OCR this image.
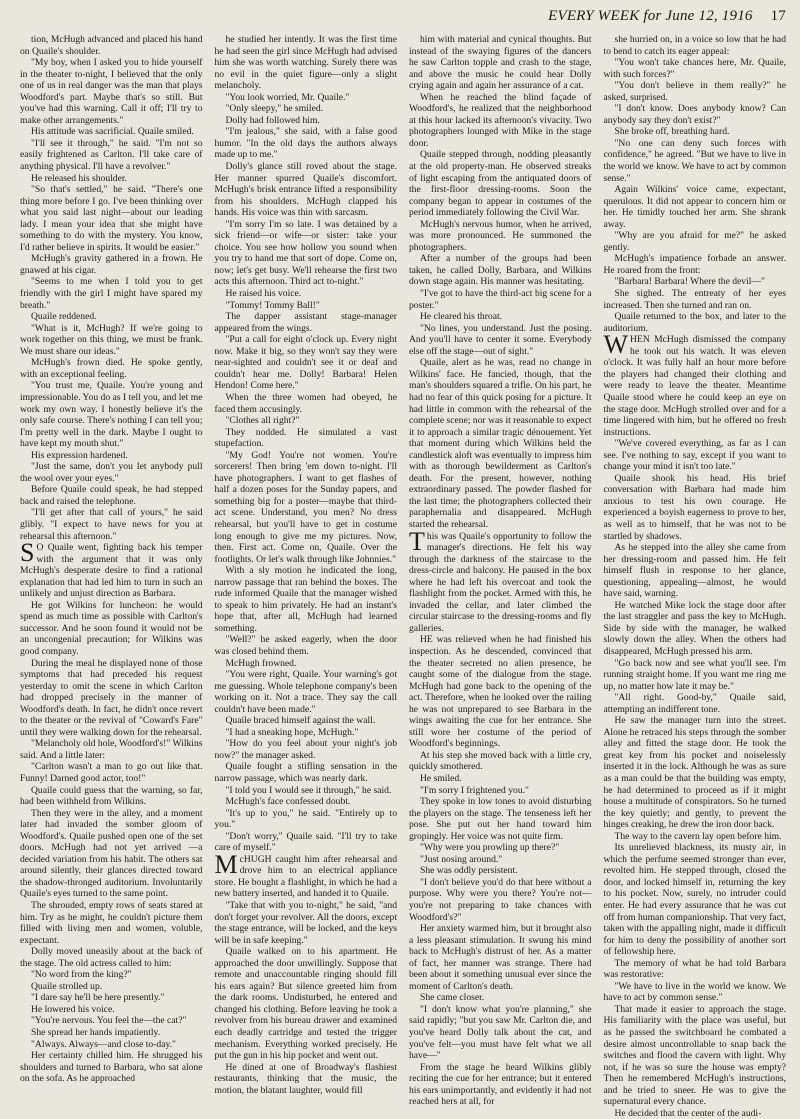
EVERY WEEK for June 12, 1916 17

tion, McHugh advanced and placed his hand on Quaile's shoulder.

"My boy, when I asked you to hide yourself in the theater to-night, I believed that the only one of us in real danger was the man that plays Woodford's part. Maybe that's so still. But you've had this warning. Call it off; I'll try to make other arrangements."

His attitude was sacrificial. Quaile smiled.

"I'll see it through," he said. "I'm not so easily frightened as Carlton. I'll take care of anything physical. I'll have a revolver."

He released his shoulder.

"So that's settled," he said. "There's one thing more before I go. I've been thinking over what you said last night—about our leading lady. I mean your idea that she might have something to do with the mystery. You know, I'd rather believe in spirits. It would be easier."

McHugh's gravity gathered in a frown. He gnawed at his cigar.

"Seems to me when I told you to get friendly with the girl I might have spared my breath."

Quaile reddened.

"What is it, McHugh? If we're going to work together on this thing, we must be frank. We must share our ideas."

McHugh's frown died. He spoke gently, with an exceptional feeling.

"You trust me, Quaile. You're young and impressionable. You do as I tell you, and let me work my own way. I honestly believe it's the only safe course. There's nothing I can tell you; I'm pretty well in the dark. Maybe I ought to have kept my mouth shut."

His expression hardened.

"Just the same, don't you let anybody pull the wool over your eyes."

Before Quaile could speak, he had stepped back and raised the telephone.

"I'll get after that call of yours," he said glibly. "I expect to have news for you at rehearsal this afternoon."

SO Quaile went, fighting back his temper with the argument that it was only McHugh's desperate desire to find a rational explanation that had led him to turn in such an unlikely and unjust direction as Barbara.

He got Wilkins for luncheon: he would spend as much time as possible with Carlton's successor. And he soon found it would not be an uncongenial precaution; for Wilkins was good company.

During the meal he displayed none of those symptoms that had preceded his request yesterday to omit the scene in which Carlton had dropped precisely in the manner of Woodford's death. In fact, he didn't once revert to the theater or the revival of "Coward's Fare" until they were walking down for the rehearsal.

"Melancholy old hole, Woodford's!" Wilkins said. And a little later:

"Carlton wasn't a man to go out like that. Funny! Darned good actor, too!"

Quaile could guess that the warning, so far, had been withheld from Wilkins.

Then they were in the alley, and a moment later had invaded the somber gloom of Woodford's. Quaile pushed open one of the set doors. McHugh had not yet arrived —a decided variation from his habit. The others sat around silently, their glances directed toward the shadow-thronged auditorium. Involuntarily Quaile's eyes turned to the same point.

The shrouded, empty rows of seats stared at him. Try as he might, he couldn't picture them filled with living men and women, voluble, expectant.

Dolly moved uneasily about at the back of the stage. The old actress called to him:

"No word from the king?"

Quaile strolled up.

"I dare say he'll be here presently."

He lowered his voice.

"You're nervous. You feel the—the cat?"

She spread her hands impatiently.

"Always. Always—and close to-day."

Her certainty chilled him. He shrugged his shoulders and turned to Barbara, who sat alone on the sofa. As he approached

he studied her intently. It was the first time he had seen the girl since McHugh had advised him she was worth watching. Surely there was no evil in the quiet figure—only a slight melancholy.

"You look worried, Mr. Quaile."

"Only sleepy," he smiled.

Dolly had followed him.

"I'm jealous," she said, with a false good humor. "In the old days the authors always made up to me."

Dolly's glance still roved about the stage. Her manner spurred Quaile's discomfort. McHugh's brisk entrance lifted a responsibility from his shoulders. McHugh clapped his hands. His voice was thin with sarcasm.

"I'm sorry I'm so late. I was detained by a sick friend—or wife—or sister: take your choice. You see how hollow you sound when you try to hand me that sort of dope. Come on, now; let's get busy. We'll rehearse the first two acts this afternoon. Third act to-night."

He raised his voice.

"Tommy! Tommy Ball!"

The dapper assistant stage-manager appeared from the wings.

"Put a call for eight o'clock up. Every night now. Make it big, so they won't say they were near-sighted and couldn't see it or deaf and couldn't hear me. Dolly! Barbara! Helen Hendon! Come here."

When the three women had obeyed, he faced them accusingly.

"Clothes all right?"

They nodded. He simulated a vast stupefaction.

"My God! You're not women. You're sorcerers! Then bring 'em down to-night. I'll have photographers. I want to get flashes of half a dozen poses for the Sunday papers, and something big for a poster—maybe that third-act scene. Understand, you men? No dress rehearsal, but you'll have to get in costume long enough to give me my pictures. Now, then. First act. Come on, Quaile. Over the footlights. Or let's walk through like Johnnies."

With a sly motion he indicated the long, narrow passage that ran behind the boxes. The rude informed Quaile that the manager wished to speak to him privately. He had an instant's hope that, after all, McHugh had learned something.

"Well?" he asked eagerly, when the door was closed behind them.

McHugh frowned.

"You were right, Quaile. Your warning's got me guessing. Whole telephone company's been working on it. Not a trace. They say the call couldn't have been made."

Quaile braced himself against the wall.

"I had a sneaking hope, McHugh."

"How do you feel about your night's job now?" the manager asked.

Quaile fought a stifling sensation in the narrow passage, which was nearly dark.

"I told you I would see it through," he said.

McHugh's face confessed doubt.

"It's up to you," he said. "Entirely up to you."

"Don't worry," Quaile said. "I'll try to take care of myself."

McHUGH caught him after rehearsal and drove him to an electrical appliance store. He bought a flashlight, in which he had a new battery inserted, and handed it to Quaile.

"Take that with you to-night," he said, "and don't forget your revolver. All the doors, except the stage entrance, will be locked, and the keys will be in safe keeping."

Quaile walked on to his apartment. He approached the door unwillingly. Suppose that remote and unaccountable ringing should fill his ears again? But silence greeted him from the dark rooms. Undisturbed, he entered and changed his clothing. Before leaving he took a revolver from his bureau drawer and examined each deadly cartridge and tested the trigger mechanism. Everything worked precisely. He put the gun in his hip pocket and went out.

He dined at one of Broadway's flashiest restaurants, thinking that the music, the motion, the blatant laughter, would fill

him with material and cynical thoughts. But instead of the swaying figures of the dancers he saw Carlton topple and crash to the stage, and above the music he could hear Dolly crying again and again her assurance of a cat.

When he reached the blind façade of Woodford's, he realized that the neighborhood at this hour lacked its afternoon's vivacity. Two photographers lounged with Mike in the stage door.

Quaile stepped through, nodding pleasantly at the old property-man. He observed streaks of light escaping from the antiquated doors of the first-floor dressing-rooms. Soon the company began to appear in costumes of the period immediately following the Civil War.

McHugh's nervous humor, when he arrived, was more pronounced. He summoned the photographers.

After a number of the groups had been taken, he called Dolly, Barbara, and Wilkins down stage again. His manner was hesitating.

"I've got to have the third-act big scene for a poster."

He cleared his throat.

"No lines, you understand. Just the posing. And you'll have to center it some. Everybody else off the stage—out of sight."

Quaile, alert as he was, read no change in Wilkins' face. He fancied, though, that the man's shoulders squared a trifle. On his part, he had no fear of this quick posing for a picture. It had little in common with the rehearsal of the complete scene; nor was it reasonable to expect it to approach a similar tragic dénouement. Yet that moment during which Wilkins held the candlestick aloft was eventually to impress him with as thorough bewilderment as Carlton's death. For the present, however, nothing extraordinary passed. The powder flashed for the last time; the photographers collected their paraphernalia and disappeared. McHugh started the rehearsal.

This was Quaile's opportunity to follow the manager's directions. He felt his way through the darkness of the staircase to the dress-circle and balcony. He paused in the box where he had left his overcoat and took the flashlight from the pocket. Armed with this, he invaded the cellar, and later climbed the circular staircase to the dressing-rooms and fly galleries.

HE was relieved when he had finished his inspection. As he descended, convinced that the theater secreted no alien presence, he caught some of the dialogue from the stage. McHugh had gone back to the opening of the act. Therefore, when he looked over the railing he was not unprepared to see Barbara in the wings awaiting the cue for her entrance. She still wore her costume of the period of Woodford's beginnings.

At his step she moved back with a little cry, quickly smothered.

He smiled.

"I'm sorry I frightened you."

They spoke in low tones to avoid disturbing the players on the stage. The tenseness left her pose. She put out her hand toward him gropingly. Her voice was not quite firm.

"Why were you prowling up there?"

"Just nosing around."

She was oddly persistent.

"I don't believe you'd do that here without a purpose. Why were you there? You're not—you're not preparing to take chances with Woodford's?"

Her anxiety warmed him, but it brought also a less pleasant stimulation. It swung his mind back to McHugh's distrust of her. As a matter of fact, her manner was strange. There had been about it something unusual ever since the moment of Carlton's death.

She came closer.

"I don't know what you're planning," she said rapidly; "but you saw Mr. Carlton die, and you've heard Dolly talk about the cat, and you've felt—you must have felt what we all have—"

From the stage he heard Wilkins glibly reciting the cue for her entrance; but it entered his ears unimportantly, and evidently it had not reached hers at all, for

she hurried on, in a voice so low that he had to bend to catch its eager appeal:

"You won't take chances here, Mr. Quaile, with such forces?"

"You don't believe in them really?" he asked, surprised.

"I don't know. Does anybody know? Can anybody say they don't exist?"

She broke off, breathing hard.

"No one can deny such forces with confidence," he agreed. "But we have to live in the world we know. We have to act by common sense."

Again Wilkins' voice came, expectant, querulous. It did not appear to concern him or her. He timidly touched her arm. She shrank away.

"Why are you afraid for me?" he asked gently.

McHugh's impatience forbade an answer. He roared from the front:

"Barbara! Barbara! Where the devil—"

She sighed. The entreaty of her eyes increased. Then she turned and ran on.

Quaile returned to the box, and later to the auditorium.

WHEN McHugh dismissed the company he took out his watch. It was eleven o'clock. It was fully half an hour more before the players had changed their clothing and were ready to leave the theater. Meantime Quaile stood where he could keep an eye on the stage door. McHugh strolled over and for a time lingered with him, but he offered no fresh instructions.

"We've covered everything, as far as I can see. I've nothing to say, except if you want to change your mind it isn't too late."

Quaile shook his head. His brief conversation with Barbara had made him anxious to test his own courage. He experienced a boyish eagerness to prove to her, as well as to himself, that he was not to be startled by shadows.

As he stepped into the alley she came from her dressing-room and passed him. He felt himself flush in response to her glance, questioning, appealing—almost, he would have said, warning.

He watched Mike lock the stage door after the last straggler and pass the key to McHugh. Side by side with the manager, he walked slowly down the alley. When the others had disappeared, McHugh pressed his arm.

"Go back now and see what you'll see. I'm running straight home. If you want me ring me up, no matter how late it may be."

"All right. Good-by," Quaile said, attempting an indifferent tone.

He saw the manager turn into the street. Alone he retraced his steps through the somber alley and fitted the stage door. He took the great key from his pocket and noiselessly inserted it in the lock. Although he was as sure as a man could be that the building was empty, he had determined to proceed as if it might house a multitude of conspirators. So he turned the key quietly; and gently, to prevent the hinges creaking, he drew the iron door back.

The way to the cavern lay open before him.

Its unrelieved blackness, its musty air, in which the perfume seemed stronger than ever, revolted him. He stepped through, closed the door, and locked himself in, returning the key to his pocket. Now, surely, no intruder could enter. He had every assurance that he was cut off from human companionship. That very fact, taken with the appalling night, made it difficult for him to deny the possibility of another sort of fellowship here.

The memory of what he had told Barbara was restorative:

"We have to live in the world we know. We have to act by common sense."

That made it easier to approach the stage. His familiarity with the place was useful, but as he passed the switchboard he combated a desire almost uncontrollable to snap back the switches and flood the cavern with light. Why not, if he was so sure the house was empty? Then he remembered McHugh's instructions, and he tried to sneer. He was to give the supernatural every chance.

He decided that the center of the audi-
